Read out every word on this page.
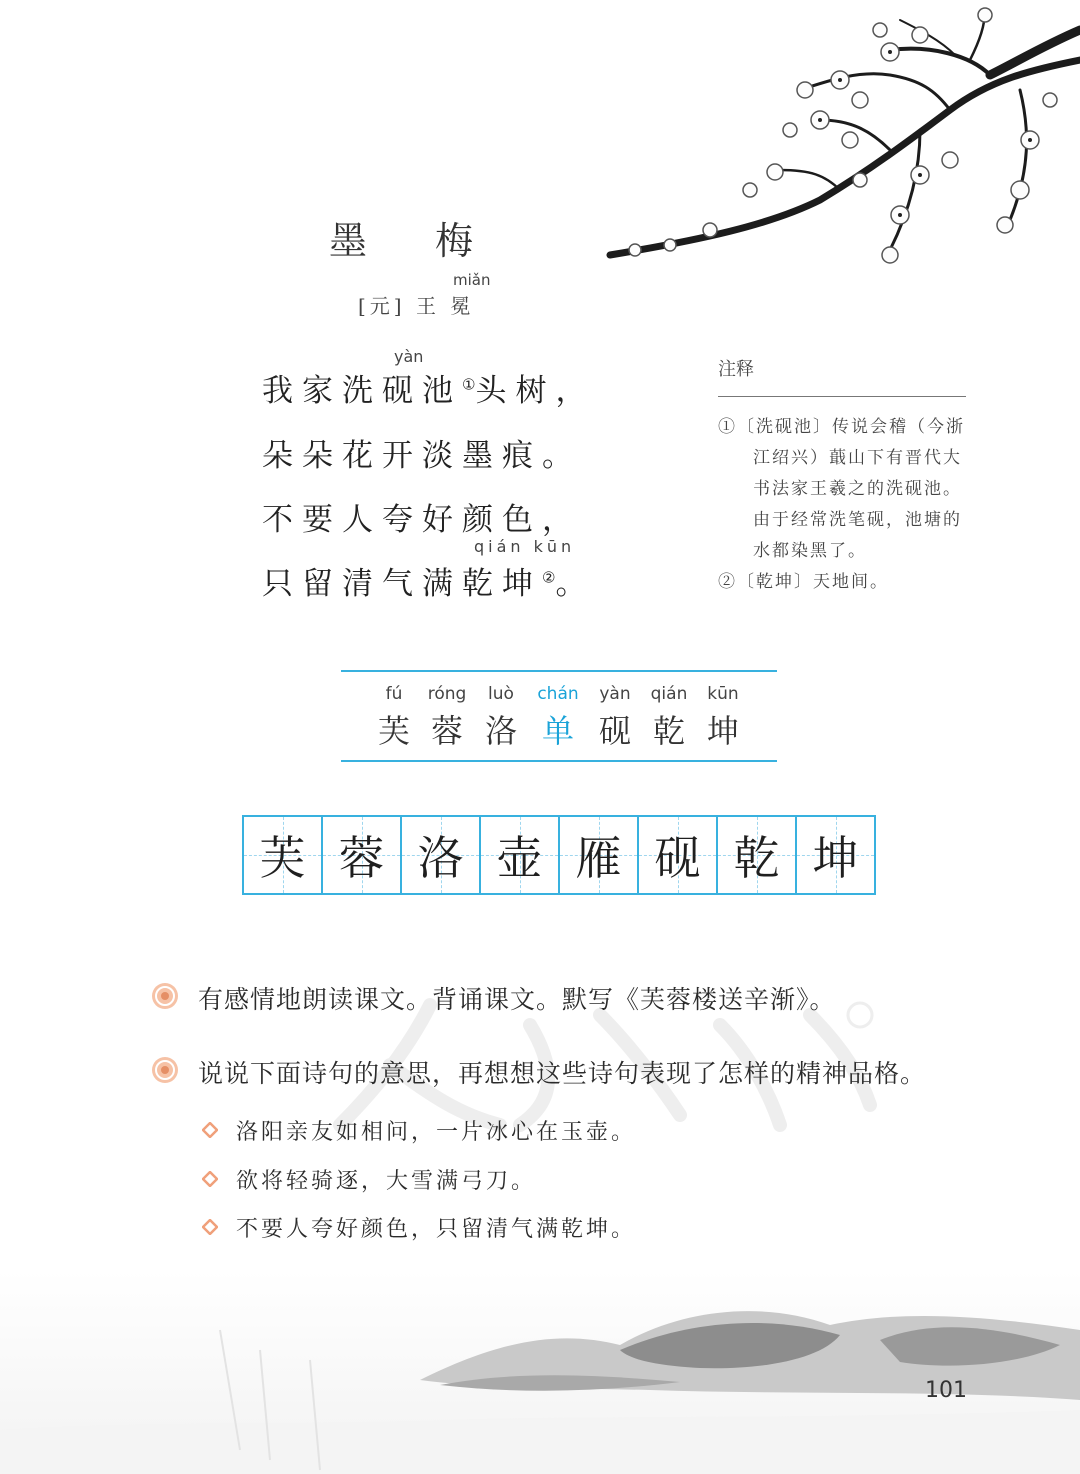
墨 梅
miǎn
[元] 王 冕
yàn
我家洗砚池①头树，
朵朵花开淡墨痕。
不要人夸好颜色，
qián kūn
只留清气满乾坤②。
注释
①〔洗砚池〕传说会稽（今浙江绍兴）蕺山下有晋代大书法家王羲之的洗砚池。由于经常洗笔砚，池塘的水都染黑了。
②〔乾坤〕天地间。
fú
芙
róng
蓉
luò
洛
chán
单
yàn
砚
qián
乾
kūn
坤
芙 蓉 洛 壶 雁 砚 乾 坤
有感情地朗读课文。背诵课文。默写《芙蓉楼送辛渐》。
说说下面诗句的意思，再想想这些诗句表现了怎样的精神品格。
洛阳亲友如相问，一片冰心在玉壶。
欲将轻骑逐，大雪满弓刀。
不要人夸好颜色，只留清气满乾坤。
101
